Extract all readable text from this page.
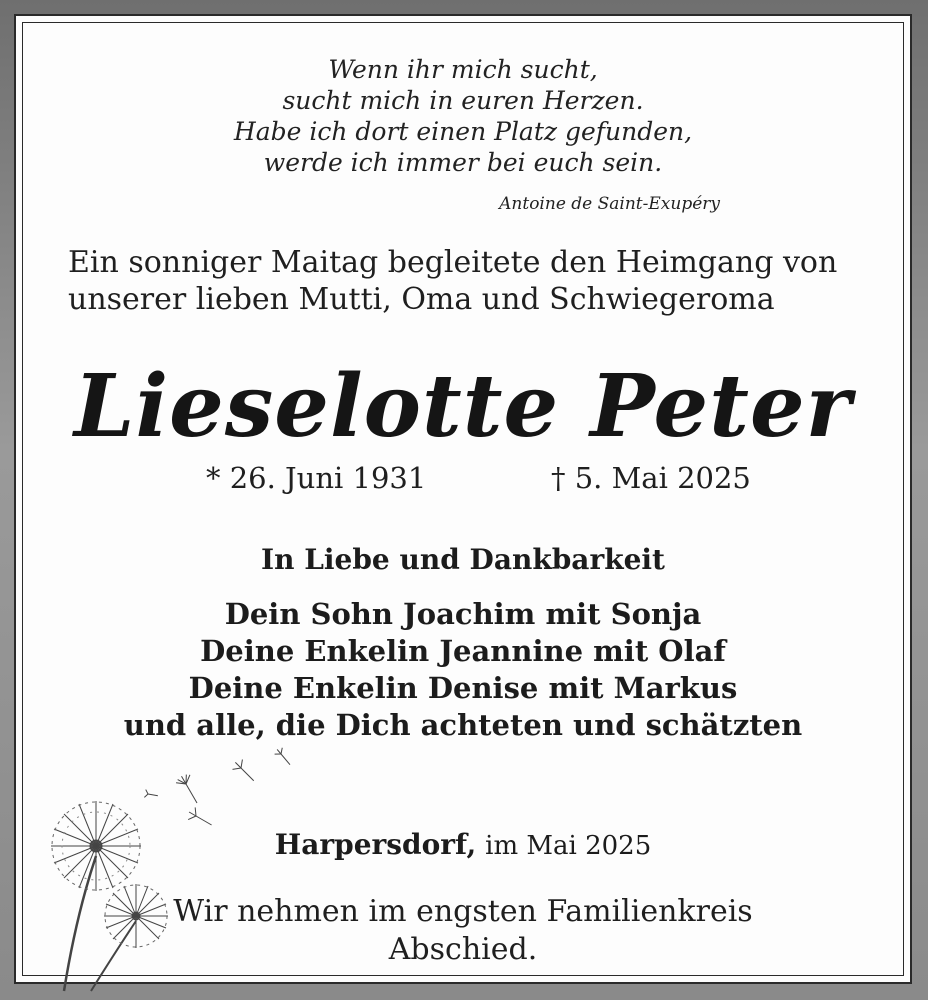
Wenn ihr mich sucht,
sucht mich in euren Herzen.
Habe ich dort einen Platz gefunden,
werde ich immer bei euch sein.
Antoine de Saint-Exupéry
Ein sonniger Maitag begleitete den Heimgang von
unserer lieben Mutti, Oma und Schwiegeroma
Lieselotte Peter
* 26. Juni 1931	† 5. Mai 2025
In Liebe und Dankbarkeit
Dein Sohn Joachim mit Sonja
Deine Enkelin Jeannine mit Olaf
Deine Enkelin Denise mit Markus
und alle, die Dich achteten und schätzten
Harpersdorf, im Mai 2025
Wir nehmen im engsten Familienkreis
Abschied.
